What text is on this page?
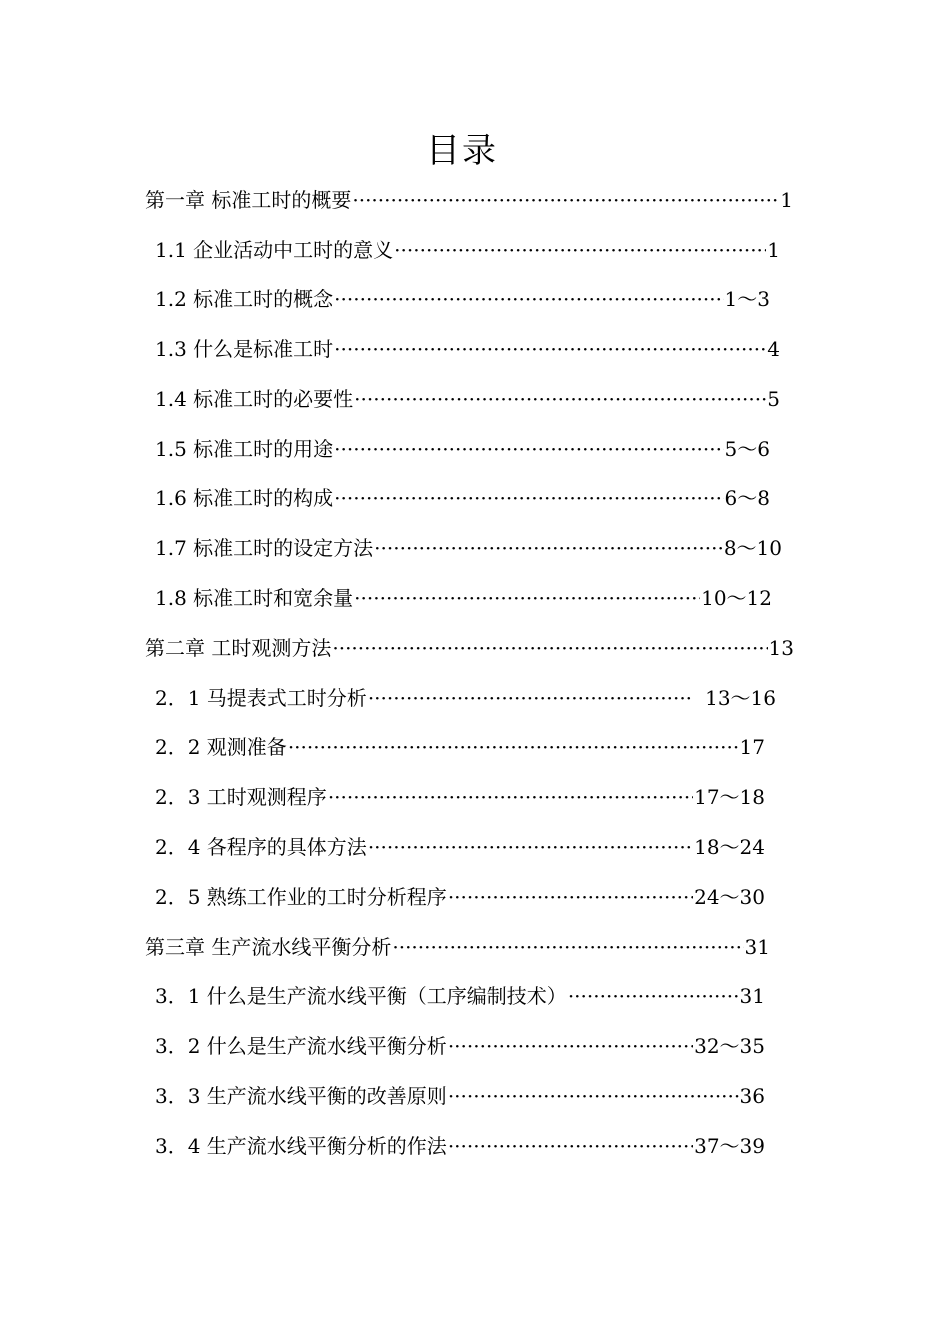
目录
第一章 标准工时的概要 ·····	1
1.1 企业活动中工时的意义 ·····	1
1.2 标准工时的概念 ·····	1～3
1.3 什么是标准工时 ·····	4
1.4 标准工时的必要性 ·····	5
1.5 标准工时的用途 ·····	5～6
1.6 标准工时的构成 ·····	6～8
1.7 标准工时的设定方法 ·····	8～10
1.8 标准工时和宽余量 ·····	10～12
第二章 工时观测方法 ·····	13
2．1 马提表式工时分析 ·····	13～16
2．2 观测准备 ·····	17
2．3 工时观测程序 ·····	17～18
2．4 各程序的具体方法 ·····	18～24
2．5 熟练工作业的工时分析程序 ·····	24～30
第三章 生产流水线平衡分析 ·····	31
3．1 什么是生产流水线平衡（工序编制技术） ·····	31
3．2 什么是生产流水线平衡分析 ·····	32～35
3．3 生产流水线平衡的改善原则 ·····	36
3．4 生产流水线平衡分析的作法 ·····	37～39
